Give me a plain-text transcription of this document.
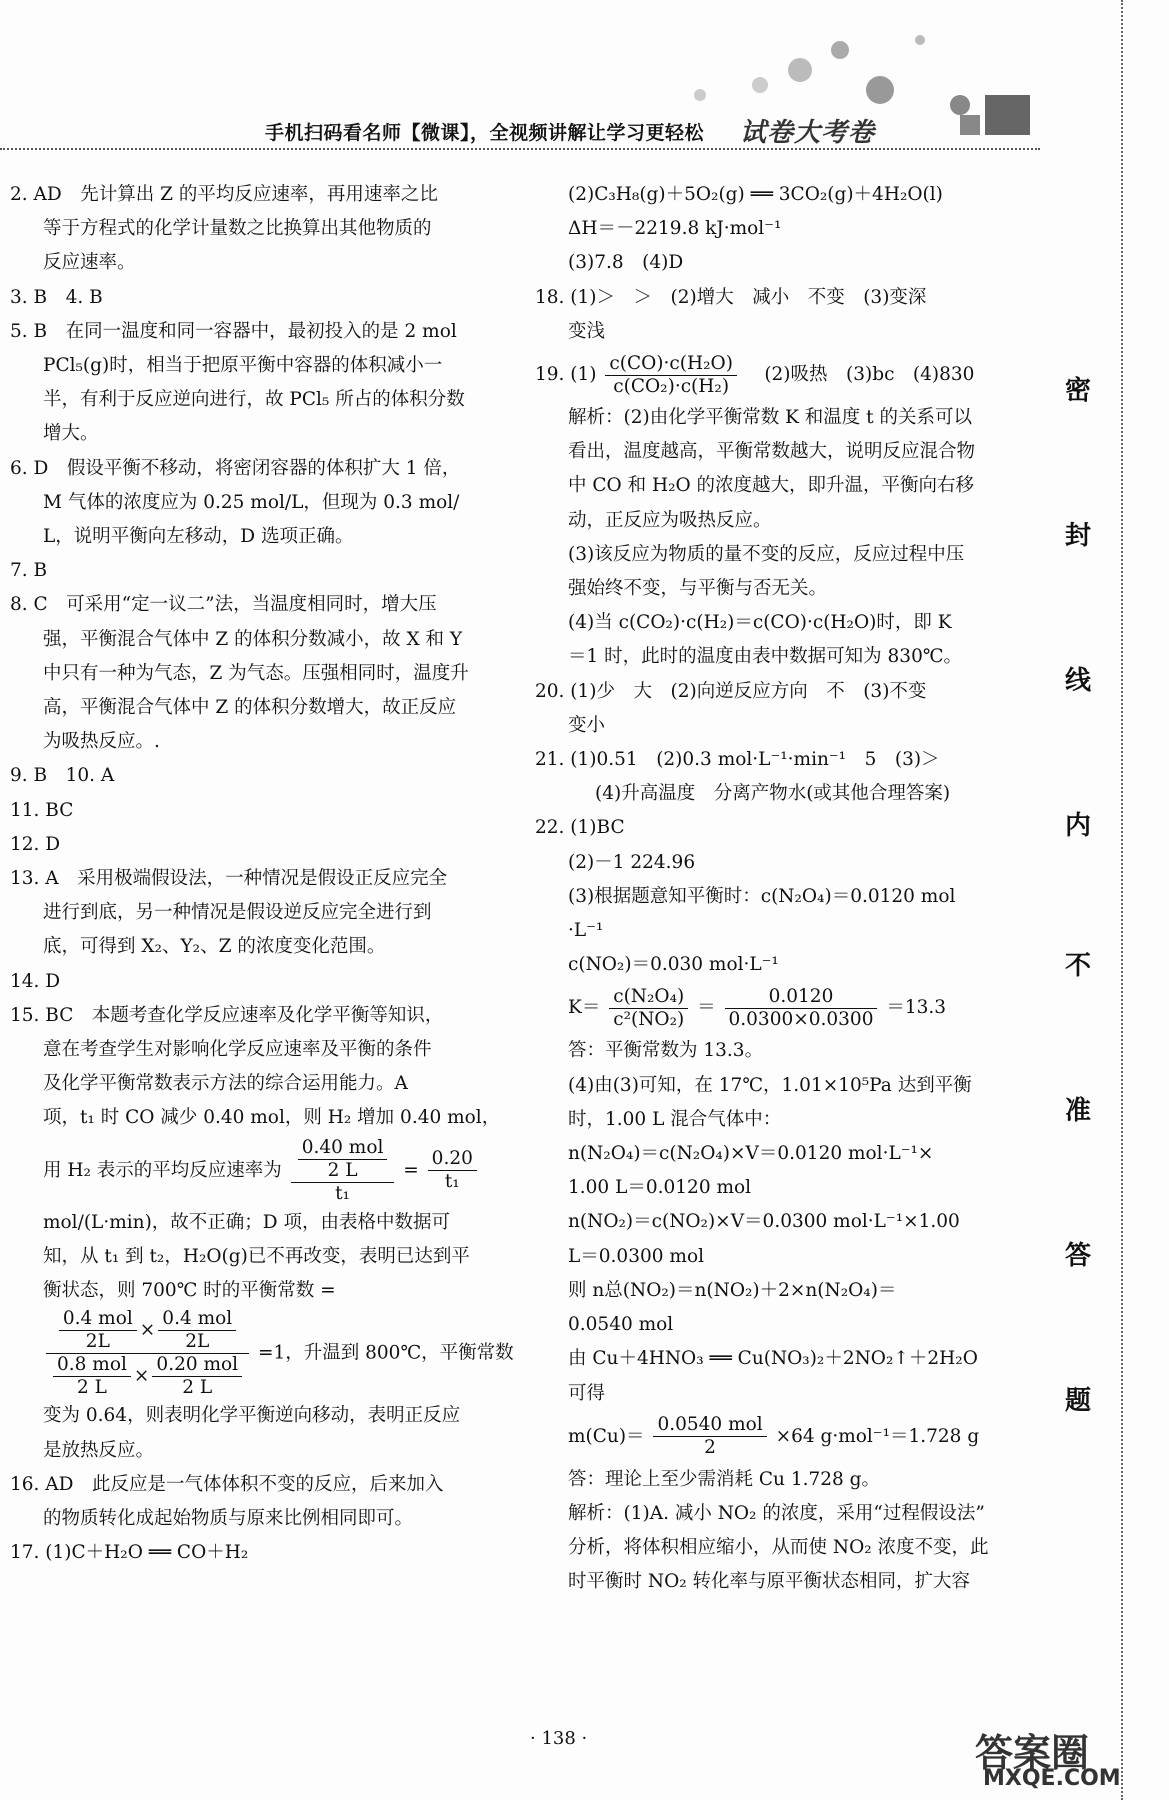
手机扫码看名师【微课】，全视频讲解让学习更轻松 试卷大考卷

2. AD　先计算出 Z 的平均反应速率，再用速率之比

等于方程式的化学计量数之比换算出其他物质的

反应速率。

3. B　4. B

5. B　在同一温度和同一容器中，最初投入的是 2 mol

PCl₅(g)时，相当于把原平衡中容器的体积减小一

半，有利于反应逆向进行，故 PCl₅ 所占的体积分数

增大。

6. D　假设平衡不移动，将密闭容器的体积扩大 1 倍，

M 气体的浓度应为 0.25 mol/L，但现为 0.3 mol/

L，说明平衡向左移动，D 选项正确。

7. B

8. C　可采用“定一议二”法，当温度相同时，增大压

强，平衡混合气体中 Z 的体积分数减小，故 X 和 Y

中只有一种为气态，Z 为气态。压强相同时，温度升

高，平衡混合气体中 Z 的体积分数增大，故正反应

为吸热反应。.

9. B　10. A

11. BC

12. D

13. A　采用极端假设法，一种情况是假设正反应完全

进行到底，另一种情况是假设逆反应完全进行到

底，可得到 X₂、Y₂、Z 的浓度变化范围。

14. D

15. BC　本题考查化学反应速率及化学平衡等知识，

意在考查学生对影响化学反应速率及平衡的条件

及化学平衡常数表示方法的综合运用能力。A

项，t₁ 时 CO 减少 0.40 mol，则 H₂ 增加 0.40 mol，

用 H₂ 表示的平均反应速率为 $\frac{\frac{\text{0.40 mol}}{2 L}}{\text{t₁}} = \frac{0.20}{\text{t₁}}$

mol/(L·min)，故不正确；D 项，由表格中数据可

知，从 t₁ 到 t₂，H₂O(g)已不再改变，表明已达到平

衡状态，则 700℃ 时的平衡常数 =

$\frac{\frac{\text{0.4 mol}}{2L} \times \frac{\text{0.4 mol}}{2L}}{\frac{\text{0.8 mol}}{2 L} \times \frac{\text{0.20 mol}}{2 L}} =1$，升温到 800℃，平衡常数

变为 0.64，则表明化学平衡逆向移动，表明正反应

是放热反应。

16. AD　此反应是一气体体积不变的反应，后来加入

的物质转化成起始物质与原来比例相同即可。

17. (1)C＋H₂O ══ CO＋H₂

(2)C₃H₈(g)＋5O₂(g) ══ 3CO₂(g)＋4H₂O(l)

ΔH＝－2219.8 kJ·mol⁻¹

(3)7.8　(4)D

18. (1)＞　＞　(2)增大　减小　不变　(3)变深

变浅

19. $(1) \frac{\text{c(CO)·c(H₂O)}}{\text{c(CO₂)·c(H₂)}}$ 　(2)吸热　(3)bc　(4)830

解析：(2)由化学平衡常数 K 和温度 t 的关系可以

看出，温度越高，平衡常数越大，说明反应混合物

中 CO 和 H₂O 的浓度越大，即升温，平衡向右移

动，正反应为吸热反应。

(3)该反应为物质的量不变的反应，反应过程中压

强始终不变，与平衡与否无关。

(4)当 c(CO₂)·c(H₂)＝c(CO)·c(H₂O)时，即 K

＝1 时，此时的温度由表中数据可知为 830℃。

20. (1)少　大　(2)向逆反应方向　不　(3)不变

变小

21. (1)0.51　(2)0.3 mol·L⁻¹·min⁻¹　5　(3)＞

(4)升高温度　分离产物水(或其他合理答案)

22. (1)BC

(2)－1 224.96

(3)根据题意知平衡时：c(N₂O₄)＝0.0120 mol

·L⁻¹

c(NO₂)＝0.030 mol·L⁻¹

$K= \frac{\text{c(N₂O₄)}}{\text{c²(NO₂)}} = \frac{0.0120}{0.0300\times 0.0300} =13.3$

答：平衡常数为 13.3。

(4)由(3)可知，在 17℃，1.01×10⁵Pa 达到平衡

时，1.00 L 混合气体中：

n(N₂O₄)＝c(N₂O₄)×V＝0.0120 mol·L⁻¹×

1.00 L＝0.0120 mol

n(NO₂)＝c(NO₂)×V＝0.0300 mol·L⁻¹×1.00

L＝0.0300 mol

则 n总(NO₂)＝n(NO₂)＋2×n(N₂O₄)＝

0.0540 mol

由 Cu＋4HNO₃ ══ Cu(NO₃)₂＋2NO₂↑＋2H₂O

可得

$m(Cu)= \frac{\text{0.0540 mol}}{2} \times 64$ g·mol⁻¹＝1.728 g

答：理论上至少需消耗 Cu 1.728 g。

解析：(1)A. 减小 NO₂ 的浓度，采用“过程假设法”

分析，将体积相应缩小，从而使 NO₂ 浓度不变，此

时平衡时 NO₂ 转化率与原平衡状态相同，扩大容

密
封
线
内
不
准
答
题
· 138 ·	答案圈
MXQE.COM
